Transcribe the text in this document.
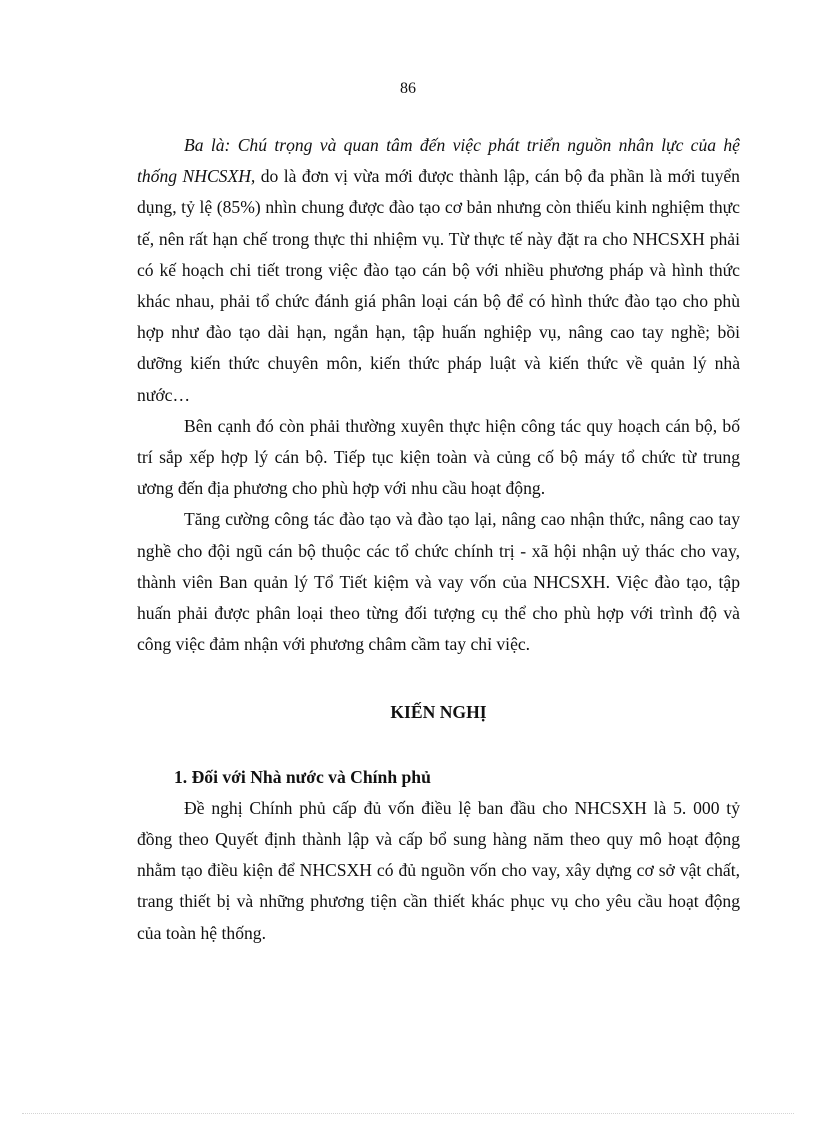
86

Ba là: Chú trọng và quan tâm đến việc phát triển nguồn nhân lực của hệ thống NHCSXH, do là đơn vị vừa mới được thành lập, cán bộ đa phần là mới tuyển dụng, tỷ lệ (85%) nhìn chung được đào tạo cơ bản nhưng còn thiếu kinh nghiệm thực tế, nên rất hạn chế trong thực thi nhiệm vụ. Từ thực tế này đặt ra cho NHCSXH phải có kế hoạch chi tiết trong việc đào tạo cán bộ với nhiều phương pháp và hình thức khác nhau, phải tổ chức đánh giá phân loại cán bộ để có hình thức đào tạo cho phù hợp như đào tạo dài hạn, ngắn hạn, tập huấn nghiệp vụ, nâng cao tay nghề; bồi dưỡng kiến thức chuyên môn, kiến thức pháp luật và kiến thức về quản lý nhà nước…

Bên cạnh đó còn phải thường xuyên thực hiện công tác quy hoạch cán bộ, bố trí sắp xếp hợp lý cán bộ. Tiếp tục kiện toàn và củng cố bộ máy tổ chức từ trung ương đến địa phương cho phù hợp với nhu cầu hoạt động.

Tăng cường công tác đào tạo và đào tạo lại, nâng cao nhận thức, nâng cao tay nghề cho đội ngũ cán bộ thuộc các tổ chức chính trị - xã hội nhận uỷ thác cho vay, thành viên Ban quản lý Tổ Tiết kiệm và vay vốn của NHCSXH. Việc đào tạo, tập huấn phải được phân loại theo từng đối tượng cụ thể cho phù hợp với trình độ và công việc đảm nhận với phương châm cầm tay chỉ việc.

KIẾN NGHỊ
1. Đối với Nhà nước và Chính phủ

Đề nghị Chính phủ cấp đủ vốn điều lệ ban đầu cho NHCSXH là 5. 000 tỷ đồng theo Quyết định thành lập và cấp bổ sung hàng năm theo quy mô hoạt động nhằm tạo điều kiện để NHCSXH có đủ nguồn vốn cho vay, xây dựng cơ sở vật chất, trang thiết bị và những phương tiện cần thiết khác phục vụ cho yêu cầu hoạt động của toàn hệ thống.
